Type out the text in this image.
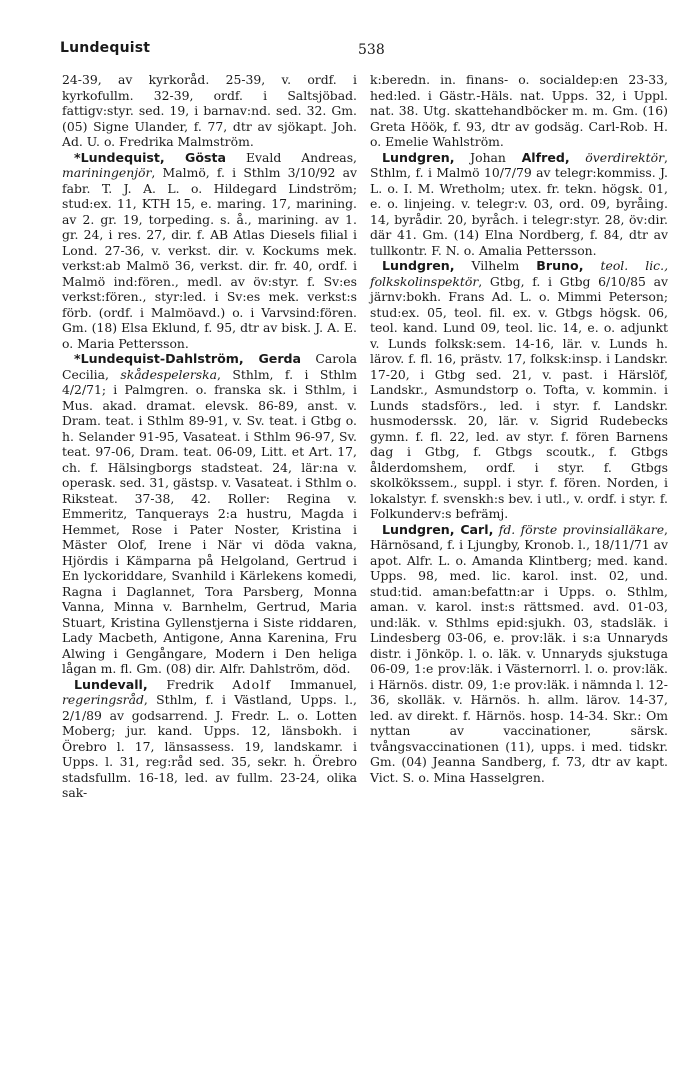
Lundequist	538

24-39, av kyrkoråd. 25-39, v. ordf. i kyrkofullm. 32-39, ordf. i Saltsjöbad. fattigv:styr. sed. 19, i barnav:nd. sed. 32. Gm. (05) Signe Ulander, f. 77, dtr av sjökapt. Joh. Ad. U. o. Fredrika Malmström.

*Lundequist, Gösta Evald Andreas, mariningenjör, Malmö, f. i Sthlm 3/10/92 av fabr. T. J. A. L. o. Hildegard Lindström; stud:ex. 11, KTH 15, e. maring. 17, marining. av 2. gr. 19, torpeding. s. å., marining. av 1. gr. 24, i res. 27, dir. f. AB Atlas Diesels filial i Lond. 27-36, v. verkst. dir. v. Kockums mek. verkst:ab Malmö 36, verkst. dir. fr. 40, ordf. i Malmö ind:fören., medl. av öv:styr. f. Sv:es verkst:fören., styr:led. i Sv:es mek. verkst:s förb. (ordf. i Malmöavd.) o. i Varvsind:fören. Gm. (18) Elsa Eklund, f. 95, dtr av bisk. J. A. E. o. Maria Pettersson.

*Lundequist-Dahlström, Gerda Carola Cecilia, skådespelerska, Sthlm, f. i Sthlm 4/2/71; i Palmgren. o. franska sk. i Sthlm, i Mus. akad. dramat. elevsk. 86-89, anst. v. Dram. teat. i Sthlm 89-91, v. Sv. teat. i Gtbg o. h. Selander 91-95, Vasateat. i Sthlm 96-97, Sv. teat. 97-06, Dram. teat. 06-09, Litt. et Art. 17, ch. f. Hälsingborgs stadsteat. 24, lär:na v. operask. sed. 31, gästsp. v. Vasateat. i Sthlm o. Riksteat. 37-38, 42. Roller: Regina v. Emmeritz, Tanquerays 2:a hustru, Magda i Hemmet, Rose i Pater Noster, Kristina i Mäster Olof, Irene i När vi döda vakna, Hjördis i Kämparna på Helgoland, Gertrud i En lyckoriddare, Svanhild i Kärlekens komedi, Ragna i Daglannet, Tora Parsberg, Monna Vanna, Minna v. Barnhelm, Gertrud, Maria Stuart, Kristina Gyllenstjerna i Siste riddaren, Lady Macbeth, Antigone, Anna Karenina, Fru Alwing i Gengångare, Modern i Den heliga lågan m. fl. Gm. (08) dir. Alfr. Dahlström, död.

Lundevall, Fredrik Adolf Immanuel, regeringsråd, Sthlm, f. i Västland, Upps. l., 2/1/89 av godsarrend. J. Fredr. L. o. Lotten Moberg; jur. kand. Upps. 12, länsbokh. i Örebro l. 17, länsassess. 19, landskamr. i Upps. l. 31, reg:råd sed. 35, sekr. h. Örebro stadsfullm. 16-18, led. av fullm. 23-24, olika sak-

k:beredn. in. finans- o. socialdep:en 23-33, hed:led. i Gästr.-Häls. nat. Upps. 32, i Uppl. nat. 38. Utg. skattehandböcker m. m. Gm. (16) Greta Höök, f. 93, dtr av godsäg. Carl-Rob. H. o. Emelie Wahlström.

Lundgren, Johan Alfred, överdirektör, Sthlm, f. i Malmö 10/7/79 av telegr:kommiss. J. L. o. I. M. Wretholm; utex. fr. tekn. högsk. 01, e. o. linjeing. v. telegr:v. 03, ord. 09, byråing. 14, byrådir. 20, byråch. i telegr:styr. 28, öv:dir. där 41. Gm. (14) Elna Nordberg, f. 84, dtr av tullkontr. F. N. o. Amalia Pettersson.

Lundgren, Vilhelm Bruno, teol. lic., folkskolinspektör, Gtbg, f. i Gtbg 6/10/85 av järnv:bokh. Frans Ad. L. o. Mimmi Peterson; stud:ex. 05, teol. fil. ex. v. Gtbgs högsk. 06, teol. kand. Lund 09, teol. lic. 14, e. o. adjunkt v. Lunds folksk:sem. 14-16, lär. v. Lunds h. lärov. f. fl. 16, prästv. 17, folksk:insp. i Landskr. 17-20, i Gtbg sed. 21, v. past. i Härslöf, Landskr., Asmundstorp o. Tofta, v. kommin. i Lunds stadsförs., led. i styr. f. Landskr. husmoderssk. 20, lär. v. Sigrid Rudebecks gymn. f. fl. 22, led. av styr. f. fören Barnens dag i Gtbg, f. Gtbgs scoutk., f. Gtbgs ålderdomshem, ordf. i styr. f. Gtbgs skolkökssem., suppl. i styr. f. fören. Norden, i lokalstyr. f. svenskh:s bev. i utl., v. ordf. i styr. f. Folkunderv:s befrämj.

Lundgren, Carl, fd. förste provinsialläkare, Härnösand, f. i Ljungby, Kronob. l., 18/11/71 av apot. Alfr. L. o. Amanda Klintberg; med. kand. Upps. 98, med. lic. karol. inst. 02, und. stud:tid. aman:befattn:ar i Upps. o. Sthlm, aman. v. karol. inst:s rättsmed. avd. 01-03, und:läk. v. Sthlms epid:sjukh. 03, stadsläk. i Lindesberg 03-06, e. prov:läk. i s:a Unnaryds distr. i Jönköp. l. o. läk. v. Unnaryds sjukstuga 06-09, 1:e prov:läk. i Västernorrl. l. o. prov:läk. i Härnös. distr. 09, 1:e prov:läk. i nämnda l. 12-36, skolläk. v. Härnös. h. allm. lärov. 14-37, led. av direkt. f. Härnös. hosp. 14-34. Skr.: Om nyttan av vaccinationer, särsk. tvångsvaccinationen (11), upps. i med. tidskr. Gm. (04) Jeanna Sandberg, f. 73, dtr av kapt. Vict. S. o. Mina Hasselgren.
